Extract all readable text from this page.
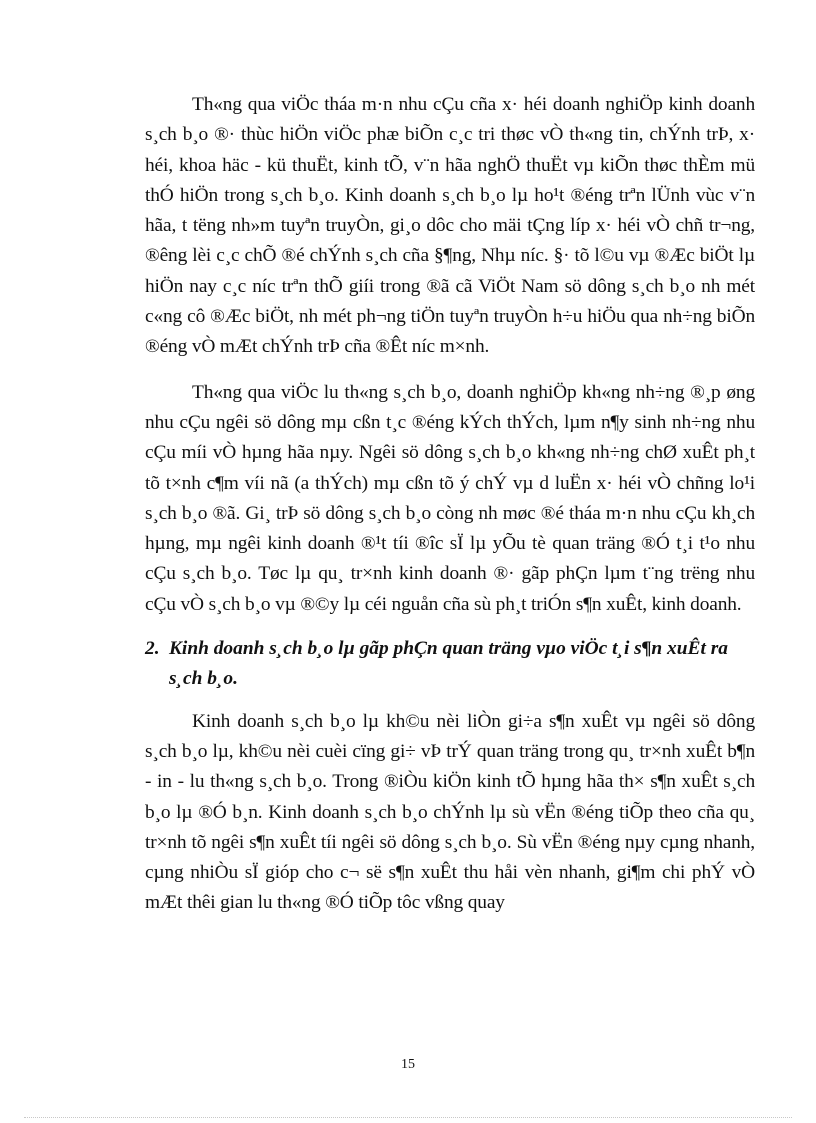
Th«ng qua viÖc tháa m·n nhu cÇu cña x· héi doanh nghiÖp kinh doanh s¸ch b¸o ®· thùc hiÖn viÖc phæ biÕn c¸c tri thøc vÒ th«ng tin, chÝnh trÞ, x· héi, khoa häc - kü thuËt, kinh tÕ, v¨n hãa nghÖ thuËt vµ kiÕn thøc thÈm mü thÓ hiÖn trong s¸ch b¸o. Kinh doanh s¸ch b¸o lµ ho¹t ®éng trªn lÜnh vùc v¨n hãa, t tëng nh»m tuyªn truyÒn, gi¸o dôc cho mäi tÇng líp x· héi vÒ chñ tr¬ng, ®êng lèi c¸c chÕ ®é chÝnh s¸ch cña §¶ng, Nhµ níc. §· tõ l©u vµ ®Æc biÖt lµ hiÖn nay c¸c níc trªn thÕ giíi trong ®ã cã ViÖt Nam sö dông s¸ch b¸o nh mét c«ng cô ®Æc biÖt, nh mét ph¬ng tiÖn tuyªn truyÒn h÷u hiÖu qua nh÷ng biÕn ®éng vÒ mÆt chÝnh trÞ cña ®Êt níc m×nh.

Th«ng qua viÖc lu th«ng s¸ch b¸o, doanh nghiÖp kh«ng nh÷ng ®¸p øng nhu cÇu ngêi sö dông mµ cßn t¸c ®éng kÝch thÝch, lµm n¶y sinh nh÷ng nhu cÇu míi vÒ hµng hãa nµy. Ngêi sö dông s¸ch b¸o kh«ng nh÷ng chØ xuÊt ph¸t tõ t×nh c¶m víi nã (a thÝch) mµ cßn tõ ý chÝ vµ d luËn x· héi vÒ chñng lo¹i s¸ch b¸o ®ã. Gi¸ trÞ sö dông s¸ch b¸o còng nh møc ®é tháa m·n nhu cÇu kh¸ch hµng, mµ ngêi kinh doanh ®¹t tíi ®îc sÏ lµ yÕu tè quan träng ®Ó t¸i t¹o nhu cÇu s¸ch b¸o. Tøc lµ qu¸ tr×nh kinh doanh ®· gãp phÇn lµm t¨ng trëng nhu cÇu vÒ s¸ch b¸o vµ ®©y lµ céi nguån cña sù ph¸t triÓn s¶n xuÊt, kinh doanh.

2. Kinh doanh s¸ch b¸o lµ gãp phÇn quan träng vµo viÖc t¸i s¶n xuÊt ra s¸ch b¸o.

Kinh doanh s¸ch b¸o lµ kh©u nèi liÒn gi÷a s¶n xuÊt vµ ngêi sö dông s¸ch b¸o lµ, kh©u nèi cuèi cïng gi÷ vÞ trÝ quan träng trong qu¸ tr×nh xuÊt b¶n - in - lu th«ng s¸ch b¸o. Trong ®iÒu kiÖn kinh tÕ hµng hãa th× s¶n xuÊt s¸ch b¸o lµ ®Ó b¸n. Kinh doanh s¸ch b¸o chÝnh lµ sù vËn ®éng tiÕp theo cña qu¸ tr×nh tõ ngêi s¶n xuÊt tíi ngêi sö dông s¸ch b¸o. Sù vËn ®éng nµy cµng nhanh, cµng nhiÒu sÏ gióp cho c¬ së s¶n xuÊt thu håi vèn nhanh, gi¶m chi phÝ vÒ mÆt thêi gian lu th«ng ®Ó tiÕp tôc vßng quay

15
